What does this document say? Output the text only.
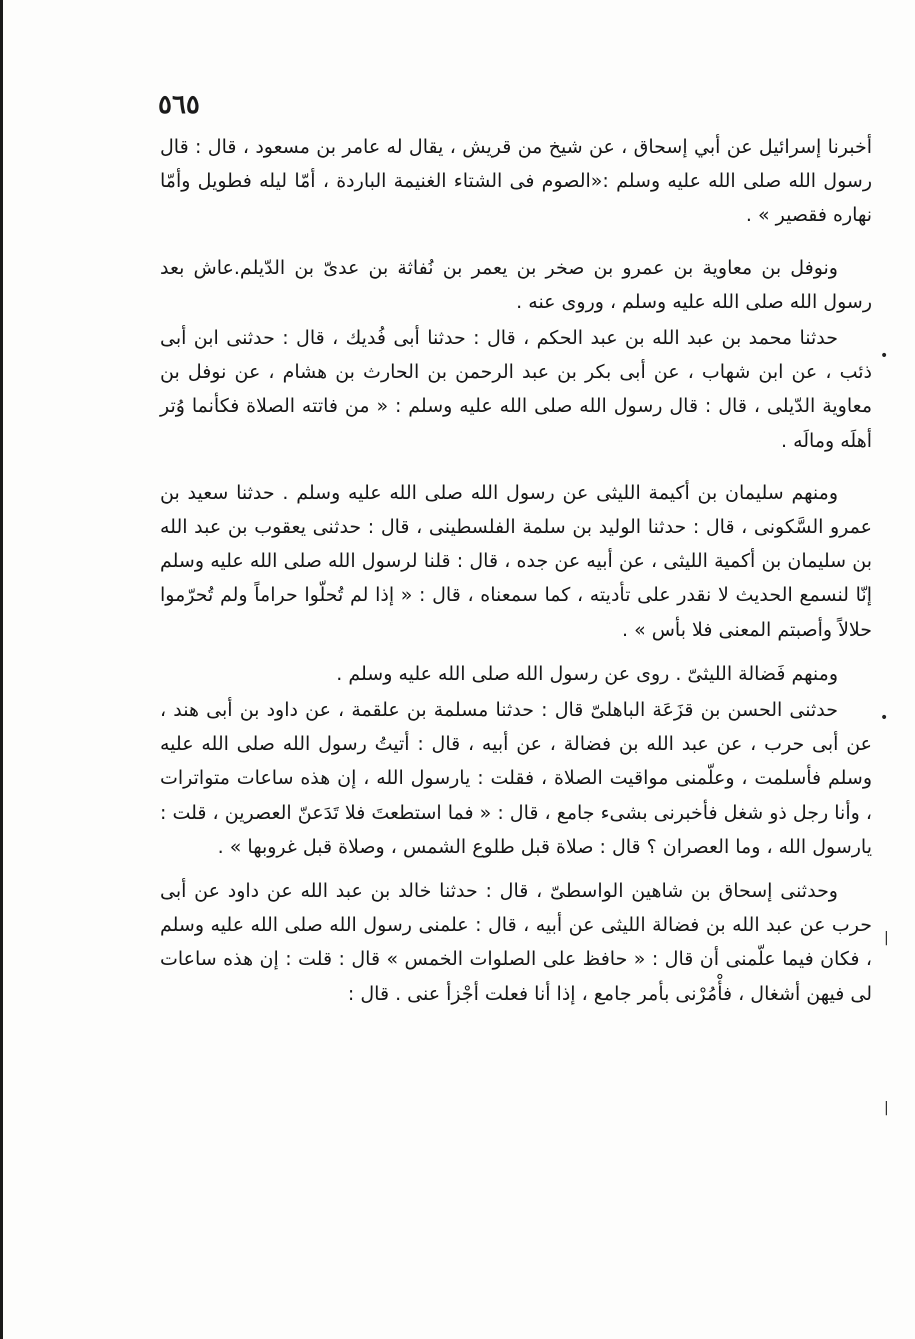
٥٦٥

أخبرنا إسرائيل عن أبي إسحاق ، عن شيخ من قريش ، يقال له عامر بن مسعود ، قال : قال رسول الله صلى الله عليه وسلم :«الصوم فى الشتاء الغنيمة الباردة ، أمّا ليله فطويل وأمّا نهاره فقصير » .

ونوفل بن معاوية بن عمرو بن صخر بن يعمر بن نُفاثة بن عدىّ بن الدّيلم.عاش بعد رسول الله صلى الله عليه وسلم ، وروى عنه .

حدثنا محمد بن عبد الله بن عبد الحكم ، قال : حدثنا أبى فُديك ، قال : حدثنى ابن أبى ذئب ، عن ابن شهاب ، عن أبى بكر بن عبد الرحمن بن الحارث بن هشام ، عن نوفل بن معاوية الدّيلى ، قال : قال رسول الله صلى الله عليه وسلم : « من فاتته الصلاة فكأنما وُتر أهلَه ومالَه .

ومنهم سليمان بن أكيمة الليثى عن رسول الله صلى الله عليه وسلم . حدثنا سعيد بن عمرو السَّكونى ، قال : حدثنا الوليد بن سلمة الفلسطينى ، قال : حدثنى يعقوب بن عبد الله بن سليمان بن أكمية الليثى ، عن أبيه عن جده ، قال : قلنا لرسول الله صلى الله عليه وسلم إنّا لنسمع الحديث لا نقدر على تأديته ، كما سمعناه ، قال : « إذا لم تُحلّوا حراماً ولم تُحرّموا حلالاً وأصبتم المعنى فلا بأس » .

ومنهم فَضالة الليثىّ . روى عن رسول الله صلى الله عليه وسلم .

حدثنى الحسن بن قزَعَة الباهلىّ قال : حدثنا مسلمة بن علقمة ، عن داود بن أبى هند ، عن أبى حرب ، عن عبد الله بن فضالة ، عن أبيه ، قال : أتيتُ رسول الله صلى الله عليه وسلم فأسلمت ، وعلّمنى مواقيت الصلاة ، فقلت : يارسول الله ، إن هذه ساعات متواترات ، وأنا رجل ذو شغل فأخبرنى بشىء جامع ، قال : « فما استطعتَ فلا تَدَعنّ العصرين ، قلت : يارسول الله ، وما العصران ؟ قال : صلاة قبل طلوع الشمس ، وصلاة قبل غروبها » .

وحدثنى إسحاق بن شاهين الواسطىّ ، قال : حدثنا خالد بن عبد الله عن داود عن أبى حرب عن عبد الله بن فضالة الليثى عن أبيه ، قال : علمنى رسول الله صلى الله عليه وسلم ، فكان فيما علّمنى أن قال : « حافظ على الصلوات الخمس » قال : قلت : إن هذه ساعات لى فيهن أشغال ، فأْمُرْنى بأمر جامع ، إذا أنا فعلت أجْزأ عنى . قال :

•
•
|
|
